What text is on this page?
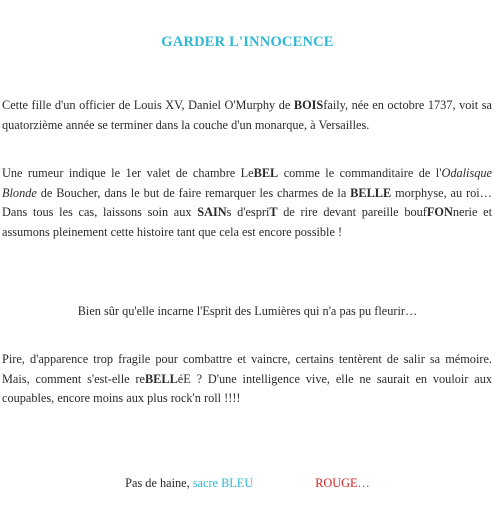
GARDER L'INNOCENCE

Cette fille d'un officier de Louis XV, Daniel O'Murphy de BOISfaily, née en octobre 1737, voit sa quatorzième année se terminer dans la couche d'un monarque, à Versailles.

Une rumeur indique le 1er valet de chambre LeBEL comme le commanditaire de l'Odalisque Blonde de Boucher, dans le but de faire remarquer les charmes de la BELLE morphyse, au roi… Dans tous les cas, laissons soin aux SAINs d'espriT de rire devant pareille boufFONnerie et assumons pleinement cette histoire tant que cela est encore possible !

Bien sûr qu'elle incarne l'Esprit des Lumières qui n'a pas pu fleurir…

Pire, d'apparence trop fragile pour combattre et vaincre, certains tentèrent de salir sa mémoire. Mais, comment s'est-elle reBELLéE ? D'une intelligence vive, elle ne saurait en vouloir aux coupables, encore moins aux plus rock'n roll !!!!

Pas de haine, sacre BLEU	ROUGE…
